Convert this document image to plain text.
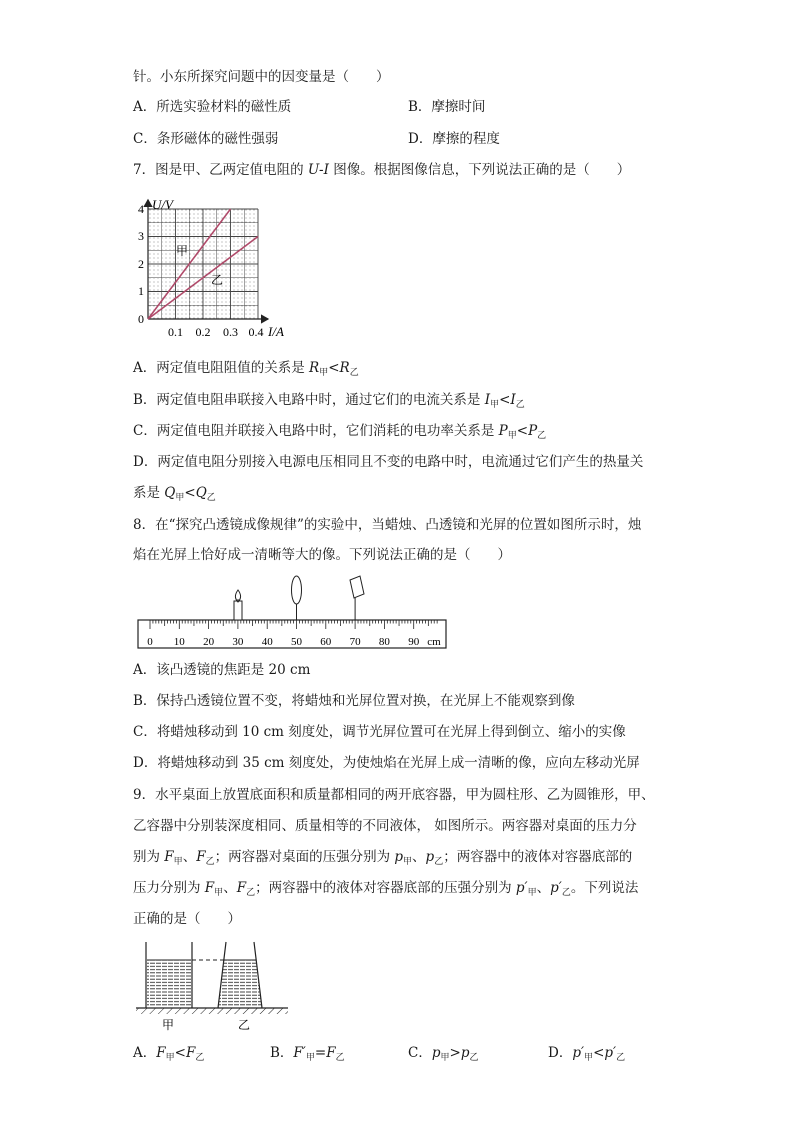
针。小东所探究问题中的因变量是（　　）
A．所选实验材料的磁性质	B．摩擦时间
C．条形磁体的磁性强弱	D．摩擦的程度
7．图是甲、乙两定值电阻的 U-I 图像。根据图像信息，下列说法正确的是（　　）
U/V
I/A
4
3
2
1
0
0.1 0.2 0.3 0.4
甲
乙
A．两定值电阻阻值的关系是 $R_甲<R_乙$
B．两定值电阻串联接入电路中时，通过它们的电流关系是 $I_甲<I_乙$
C．两定值电阻并联接入电路中时，它们消耗的电功率关系是 $P_甲<P_乙$
D．两定值电阻分别接入电源电压相同且不变的电路中时，电流通过它们产生的热量关
系是 $Q_甲<Q_乙$
8．在“探究凸透镜成像规律”的实验中，当蜡烛、凸透镜和光屏的位置如图所示时，烛
焰在光屏上恰好成一清晰等大的像。下列说法正确的是（　　）
0 10 20 30 40 50 60 70 80 90 cm
A．该凸透镜的焦距是 20 cm
B．保持凸透镜位置不变，将蜡烛和光屏位置对换，在光屏上不能观察到像
C．将蜡烛移动到 10 cm 刻度处，调节光屏位置可在光屏上得到倒立、缩小的实像
D．将蜡烛移动到 35 cm 刻度处，为使烛焰在光屏上成一清晰的像，应向左移动光屏
9．水平桌面上放置底面积和质量都相同的两开底容器，甲为圆柱形、乙为圆锥形，甲、
乙容器中分别装深度相同、质量相等的不同液体， 如图所示。两容器对桌面的压力分
别为 $F_甲$、$F_乙$；两容器对桌面的压强分别为 $p_甲$、$p_乙$；两容器中的液体对容器底部的
压力分别为 $F_甲$、$F_乙$；两容器中的液体对容器底部的压强分别为 $p'_甲$、$p'_乙$。下列说法
正确的是（　　）
甲	乙
A．$F_甲<F_乙$	B．$F'_甲=F_乙$	C．$p_甲>p_乙$	D．$p'_甲<p'_乙$
